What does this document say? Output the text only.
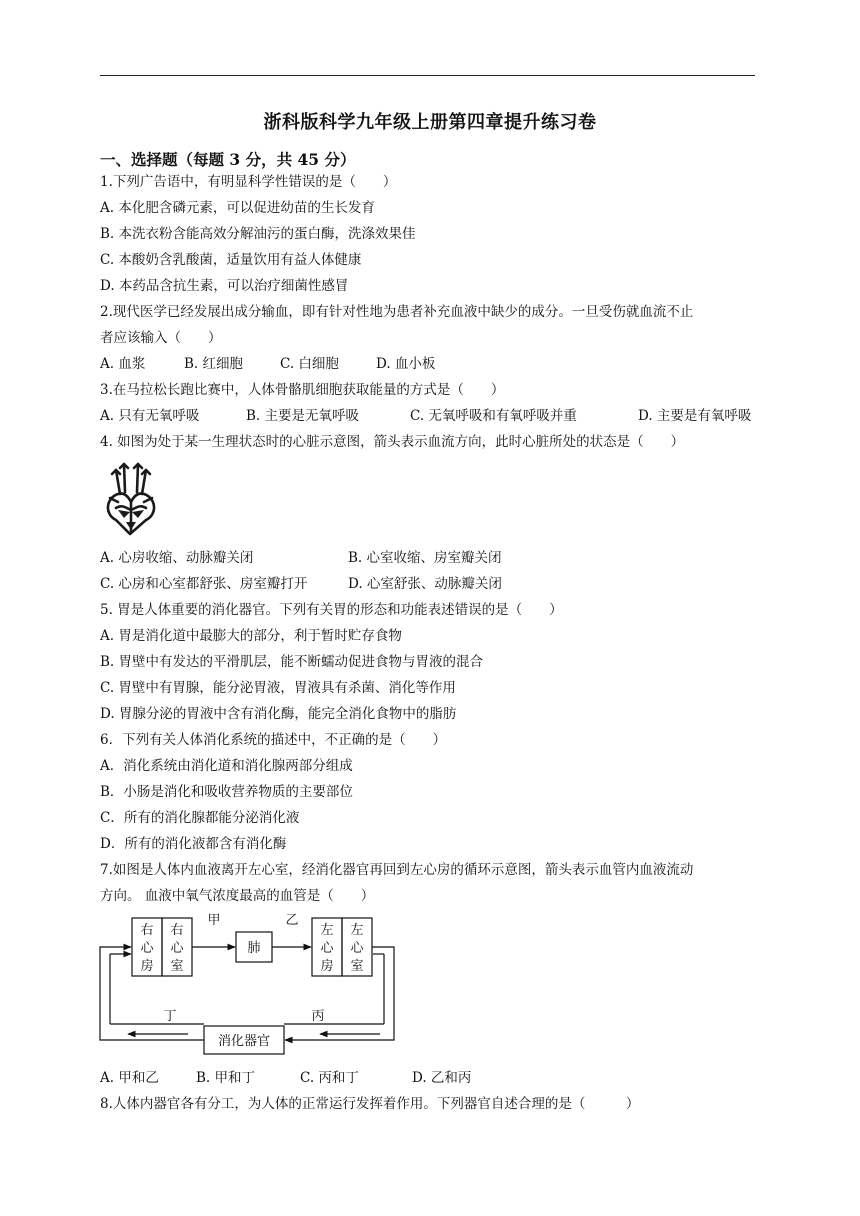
浙科版科学九年级上册第四章提升练习卷
一、选择题（每题 3 分，共 45 分）
1.下列广告语中，有明显科学性错误的是（　　）
A. 本化肥含磷元素，可以促进幼苗的生长发育
B. 本洗衣粉含能高效分解油污的蛋白酶，洗涤效果佳
C. 本酸奶含乳酸菌，适量饮用有益人体健康
D. 本药品含抗生素，可以治疗细菌性感冒
2.现代医学已经发展出成分输血，即有针对性地为患者补充血液中缺少的成分。一旦受伤就血流不止
者应该输入（　　）
A. 血浆	B. 红细胞	C. 白细胞	D. 血小板
3.在马拉松长跑比赛中，人体骨骼肌细胞获取能量的方式是（　　）
A. 只有无氧呼吸	B. 主要是无氧呼吸	C. 无氧呼吸和有氧呼吸并重	D. 主要是有氧呼吸
4. 如图为处于某一生理状态时的心脏示意图，箭头表示血流方向，此时心脏所处的状态是（　　）
A. 心房收缩、动脉瓣关闭	B. 心室收缩、房室瓣关闭
C. 心房和心室都舒张、房室瓣打开	D. 心室舒张、动脉瓣关闭
5. 胃是人体重要的消化器官。下列有关胃的形态和功能表述错误的是（　　）
A. 胃是消化道中最膨大的部分，利于暂时贮存食物
B. 胃壁中有发达的平滑肌层，能不断蠕动促进食物与胃液的混合
C. 胃壁中有胃腺，能分泌胃液，胃液具有杀菌、消化等作用
D. 胃腺分泌的胃液中含有消化酶，能完全消化食物中的脂肪
6．下列有关人体消化系统的描述中，不正确的是（　　）
A．消化系统由消化道和消化腺两部分组成
B．小肠是消化和吸收营养物质的主要部位
C．所有的消化腺都能分泌消化液
D．所有的消化液都含有消化酶
7.如图是人体内血液离开左心室，经消化器官再回到左心房的循环示意图，箭头表示血管内血液流动
方向。 血液中氧气浓度最高的血管是（　　）
右
心
房
右
心
室
左
心
房
左
心
室
肺
消化器官
甲	乙
丙
丁
A. 甲和乙	B. 甲和丁	C. 丙和丁	D. 乙和丙
8.人体内器官各有分工，为人体的正常运行发挥着作用。下列器官自述合理的是（　　　）
